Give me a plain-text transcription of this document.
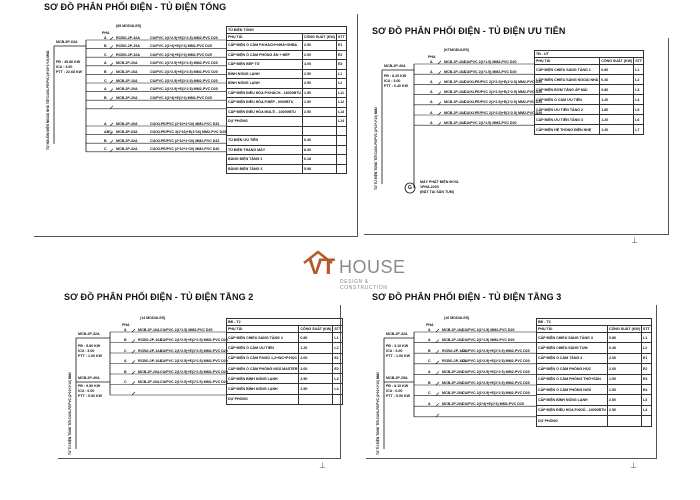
SƠ ĐỒ PHÂN PHỐI ĐIỆN - TỦ ĐIỆN TỔNG
SƠ ĐỒ PHÂN PHỐI ĐIỆN - TỦ ĐIỆN ƯU TIÊN
SƠ ĐỒ PHÂN PHỐI ĐIỆN - TỦ ĐIỆN TẦNG 2	SƠ ĐỒ PHÂN PHỐI ĐIỆN - TỦ ĐIỆN TẦNG 3
(85 MODULES)
PHA
MCB-3P-63A
PĐ : 45.86 KW
ICU : 3.00
PTT : 22.68 KW
TỪ NGUỒN ĐIỆN NGOÀI NHÀ TỚI CU/XLPE/PVC (4*16+1*16) MM2
A	RCBO-2P-32A	CU/PVC 2(1*2.5)+E(1*2.5) MM2-PVC D20
B	RCBO-2P-25A	CU/PVC 2(1*4)+E(1*4) MM2-PVC D25
C	RCBO-2P-32A	CU/PVC 2(1*4)+E(1*4) MM2-PVC D25
A	MCB-2P-20A	CU/PVC 2(1*2.5)+E(1*2.5) MM2-PVC D20
B	MCB-2P-16A	CU/PVC 2(1*2.5)+E(1*2.5) MM2-PVC D20
C	MCB-2P-16A	CU/PVC 2(1*2.5)+E(1*2.5) MM2-PVC D20
A	MCB-2P-20A	CU/PVC 2(1*2.5)+E(1*2.5) MM2-PVC D20
B	MCB-2P-20A	CU/PVC 2(1*4)+E(1*4) MM2-PVC D25
A	MCB-2P-40A	CU/XLPE/PVC (2*10+1*10) MM2-PVC D32
ABC MCB-3P-63A	CU/XLPE/PVC 3(1*16)+E(1*16) MM2-PVC D25
B	MCB-2P-32A	CU/XLPE/PVC (2*10+1*10) MM2-PVC D32
C	MCB-2P-32A	CU/XLPE/PVC (2*10+1*10) MM2-PVC D40
TỦ ĐIỆN TỔNG		
PHỤ TẢI	CÔNG SUẤT (KW)	STT
CẤP ĐIỆN Ổ CẮM P.KHÁCH+NHÀ+SHBA	2.50	E1
CẤP ĐIỆN Ổ CẮM PHÒNG ĂN + BẾP	2.00	E2
CẤP ĐIỆN BẾP TỪ	4.00	E3
BÌNH NÓNG LẠNH	2.50	L1
BÌNH NÓNG LẠNH	2.50	L2
CẤP ĐIỆN ĐIỀU HÒA P.KHÁCH - 18000BTU	1.50	L11
CẤP ĐIỆN ĐIỀU HÒA P.BẾP - 9000BTU	1.50	L12
CẤP ĐIỆN ĐIỀU HÒA MULTI - 24000BTU	2.50	L13
DỰ PHÒNG		L14

TỦ ĐIỆN ƯU TIÊN	6.40	
TỦ ĐIỆN THANG MÁY	8.30	
BẢNG ĐIỆN TẦNG 2	6.18	
BẢNG ĐIỆN TẦNG 3	5.98	
(KTMODULES)
PHA
MCB-2P-40A
PĐ : 8.20 KW
ICU : 3.00
PTT : 6.40 KW
TỪ TỦ ĐIỆN TỔNG TỚI CU/XLPE/PVC (2*10+1*10) MM2	G
MÁY PHÁT ĐIỆN 6KVA
1PHA-220V
(ĐẶT TẠI SÂN TUM)
A	MCB-1P-16A
CU/PVC 2(1*1.5) MM2-PVC D20
A	MCB-1P-16A
CU/PVC 2(1*1.5) MM2-PVC D20
A	MCB-1P-16A
CU/XLPE/PVC 2(1*2.5)+E(1*2.5) MM2-PVC D20
A	MCB-1P-16A
CU/XLPE/PVC 2(1*2.5)+E(1*2.5) MM2-PVC D20
A	MCB-1P-16A
CU/XLPE/PVC 2(1*2.5)+E(1*2.5) MM2-PVC D20
A	MCB-1P-16A
CU/XLPE/PVC 2(1*2.5)+E(1*2.5) MM2-PVC D20
A	MCB-1P-16A
CU/PVC 2(1*1.5) MM2-PVC D20
TĐ - UT		
PHỤ TẢI	CÔNG SUẤT (KW)	STT
CẤP ĐIỆN CHIẾU SÁNG TẦNG 1	0.80	L1
CẤP ĐIỆN CHIẾU SÁNG NGOÀI NHÀ	0.40	L2
CẤP ĐIỆN BƠM TĂNG ÁP MÁI	0.80	L3
CẤP ĐIỆN Ổ CẮM ƯU TIÊN	1.20	L4
CẤP ĐIỆN ƯU TIÊN TẦNG 2	1.80	L5
CẤP ĐIỆN ƯU TIÊN TẦNG 3	1.20	L6
CẤP ĐIỆN HỆ THỐNG ĐIỆN NHẸ	1.20	L7
(14 MODULES)
PHA
MCB-2P-32A
PĐ : 5.80 KW
ICU : 3.00
PTT : 1.00 KW
MCB-2P-40A
PĐ : 9.50 KW
ICU : 6.00
PTT : 5.50 KW
TỪ TỦ ĐIỆN TỔNG TỚI CU/XLPE/PVC (2*10+1*10) MM2
A	MCB-1P-16A CU/PVC 2(1*1.5) MM2-PVC D20
B	RCBO-2P-16A
CU/PVC 2(1*2.5)+E(1*2.5) MM2-PVC D20
C	RCBO-2P-16A
CU/PVC 2(1*2.5)+E(1*2.5) MM2-PVC D20
A	RCBO-2P-16A
CU/PVC 2(1*2.5)+E(1*2.5) MM2-PVC D20
B	MCB-2P-20A CU/PVC 2(1*2.5)+E(1*2.5) MM2-PVC D20
C	MCB-2P-20A CU/PVC 2(1*2.5)+E(1*2.5) MM2-PVC D20
BĐ - T2		
PHỤ TẢI	CÔNG SUẤT (KW)	STT
CẤP ĐIỆN CHIẾU SÁNG TẦNG 2	0.80	L1
CẤP ĐIỆN Ổ CẮM ƯU TIÊN	1.20	L2
CẤP ĐIỆN Ổ CẮM P.NGỦ 1,2+WC+P.HỌC	2.00	E1
CẤP ĐIỆN Ổ CẮM PHÒNG NGỦ MASTER	2.00	E2
CẤP ĐIỆN BÌNH NÓNG LẠNH	2.50	L3
CẤP ĐIỆN BÌNH NÓNG LẠNH	2.50	L4
DỰ PHÒNG		
(16 MODULES)
PHA
MCB-2P-32A
PĐ : 3.10 KW
ICU : 3.00
PTT : 1.00 KW
MCB-2P-25A
PĐ : 8.10 KW
ICU : 6.00
PTT : 5.90 KW
TỪ TỦ ĐIỆN TỔNG TỚI CU/XLPE/PVC (2*10+1*10) MM2
A	MCB-1P-16A
CU/PVC 2(1*1.5) MM2-PVC D20
A	MCB-1P-16A
CU/PVC 2(1*1.5) MM2-PVC D20
B	RCBO-2P-16A
CU/PVC 2(1*2.5)+E(1*2.5) MM2-PVC D20
C	RCBO-2P-16A
CU/PVC 2(1*2.5)+E(1*2.5) MM2-PVC D20
A	MCB-2P-20A
CU/PVC 2(1*2.5)+E(1*2.5) MM2-PVC D20
B	MCB-2P-20A
CU/PVC 2(1*2.5)+E(1*2.5) MM2-PVC D20
C	MCB-2P-20A
CU/PVC 2(1*2.5)+E(1*2.5) MM2-PVC D20
A	MCB-2P-20A
CU/PVC 2(1*4)+E(1*4) MM2-PVC D25
BĐ - T3		
PHỤ TẢI	CÔNG SUẤT (KW)	STT
CẤP ĐIỆN CHIẾU SÁNG TẦNG 3	0.80	L1
CẤP ĐIỆN CHIẾU SÁNG TUM	0.40	L2
CẤP ĐIỆN Ổ CẮM TẦNG 3	2.00	E1
CẤP ĐIỆN Ổ CẮM PHÒNG HỌC	2.00	E2
CẤP ĐIỆN Ổ CẮM PHÒNG THỜ+SÂN	1.50	E3
CẤP ĐIỆN Ổ CẮM PHÒNG NGỦ	1.50	E4
CẤP ĐIỆN BÌNH NÓNG LẠNH	2.50	L3
CẤP ĐIỆN ĐIỀU HÒA P.NGỦ - 24000BTU	2.50	L4
DỰ PHÒNG		
VT HOUSE
DESIGN & CONSTRUCTION
⊥
⊥	⊥
